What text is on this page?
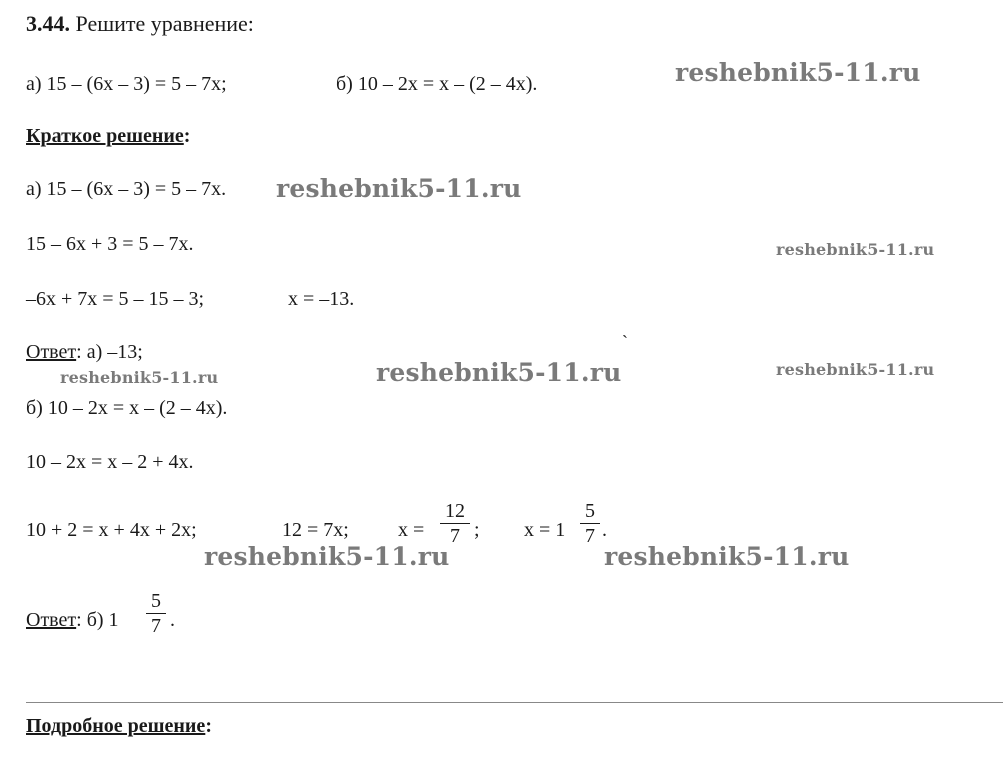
3.44. Решите уравнение:
а) 15 – (6x – 3) = 5 – 7x;	б) 10 – 2x = x – (2 – 4x).
Краткое решение:
а) 15 – (6x – 3) = 5 – 7x.
15 – 6x + 3 = 5 – 7x.
–6x + 7x = 5 – 15 – 3;	x = –13.
Ответ: а) –13;	ˋ
б) 10 – 2x = x – (2 – 4x).
10 – 2x = x – 2 + 4x.
10 + 2 = x + 4x + 2x;	12 = 7x; x =
12
7 ; x = 1
5
7 .
Ответ: б) 1
5
7 .
Подробное решение:
reshebnik5-11.ru
reshebnik5-11.ru
reshebnik5-11.ru
reshebnik5-11.ru	reshebnik5-11.ru
reshebnik5-11.ru
reshebnik5-11.ru	reshebnik5-11.ru
